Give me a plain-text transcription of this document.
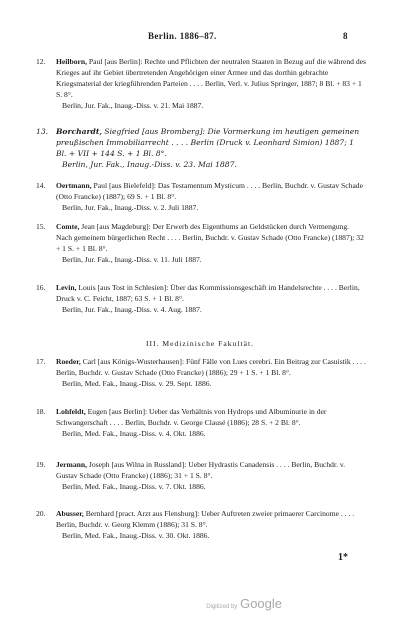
Berlin. 1886–87.	8
12.	Heilborn, Paul [aus Berlin]: Rechte und Pflichten der neutralen Staaten in Bezug auf die während des Krieges auf ihr Gebiet übertretenden Angehörigen einer Armee und das dorthin gebrachte Kriegsmaterial der kriegführenden Parteien . . . . Berlin, Verl. v. Julius Springer, 1887; 8 Bl. + 83 + 1 S. 8°.
Berlin, Jur. Fak., Inaug.-Diss. v. 21. Mai 1887.
13.	Borchardt, Siegfried [aus Bromberg]: Die Vormerkung im heutigen gemeinen preußischen Immobiliarrecht . . . . Berlin (Druck v. Leonhard Simion) 1887; 1 Bl. + VII + 144 S. + 1 Bl. 8°.
Berlin, Jur. Fak., Inaug.-Diss. v. 23. Mai 1887.
14.	Oertmann, Paul [aus Bielefeld]: Das Testamentum Mysticum . . . . Berlin, Buchdr. v. Gustav Schade (Otto Francke) (1887); 69 S. + 1 Bl. 8°.
Berlin, Jur. Fak., Inaug.-Diss. v. 2. Juli 1887.
15.	Comte, Jean [aus Magdeburg]: Der Erwerb des Eigenthums an Geldstücken durch Vermengung. Nach gemeinem bürgerlichen Recht . . . . Berlin, Buchdr. v. Gustav Schade (Otto Francke) (1887); 32 + 1 S. + 1 Bl. 8°.
Berlin, Jur. Fak., Inaug.-Diss. v. 11. Juli 1887.
16.	Levin, Louis [aus Tost in Schlesien]: Über das Kommissionsgeschäft im Handelsrechte . . . . Berlin, Druck v. C. Feicht, 1887; 63 S. + 1 Bl. 8°.
Berlin, Jur. Fak., Inaug.-Diss. v. 4. Aug. 1887.
III. Medizinische Fakultät.
17.	Roeder, Carl [aus Königs-Wusterhausen]: Fünf Fälle von Lues cerebri. Ein Beitrag zur Casuistik . . . . Berlin, Buchdr. v. Gustav Schade (Otto Francke) (1886); 29 + 1 S. + 1 Bl. 8°.
Berlin, Med. Fak., Inaug.-Diss. v. 29. Sept. 1886.
18.	Lohfeldt, Eugen [aus Berlin]: Ueber das Verhältnis von Hydrops und Albuminurie in der Schwangerschaft . . . . Berlin, Buchdr. v. George Clausé (1886); 28 S. + 2 Bl. 8°.
Berlin, Med. Fak., Inaug.-Diss. v. 4. Okt. 1886.
19.	Jermann, Joseph [aus Wilna in Russland]: Ueber Hydrastis Canadensis . . . . Berlin, Buchdr. v. Gustav Schade (Otto Francke) (1886); 31 + 1 S. 8°.
Berlin, Med. Fak., Inaug.-Diss. v. 7. Okt. 1886.
20.	Abusser, Bernhard [pract. Arzt aus Flensburg]: Ueber Auftreten zweier primaerer Carcinome . . . . Berlin, Buchdr. v. Georg Klemm (1886); 31 S. 8°.
Berlin, Med. Fak., Inaug.-Diss. v. 30. Okt. 1886.
1*
Digitized by Google
